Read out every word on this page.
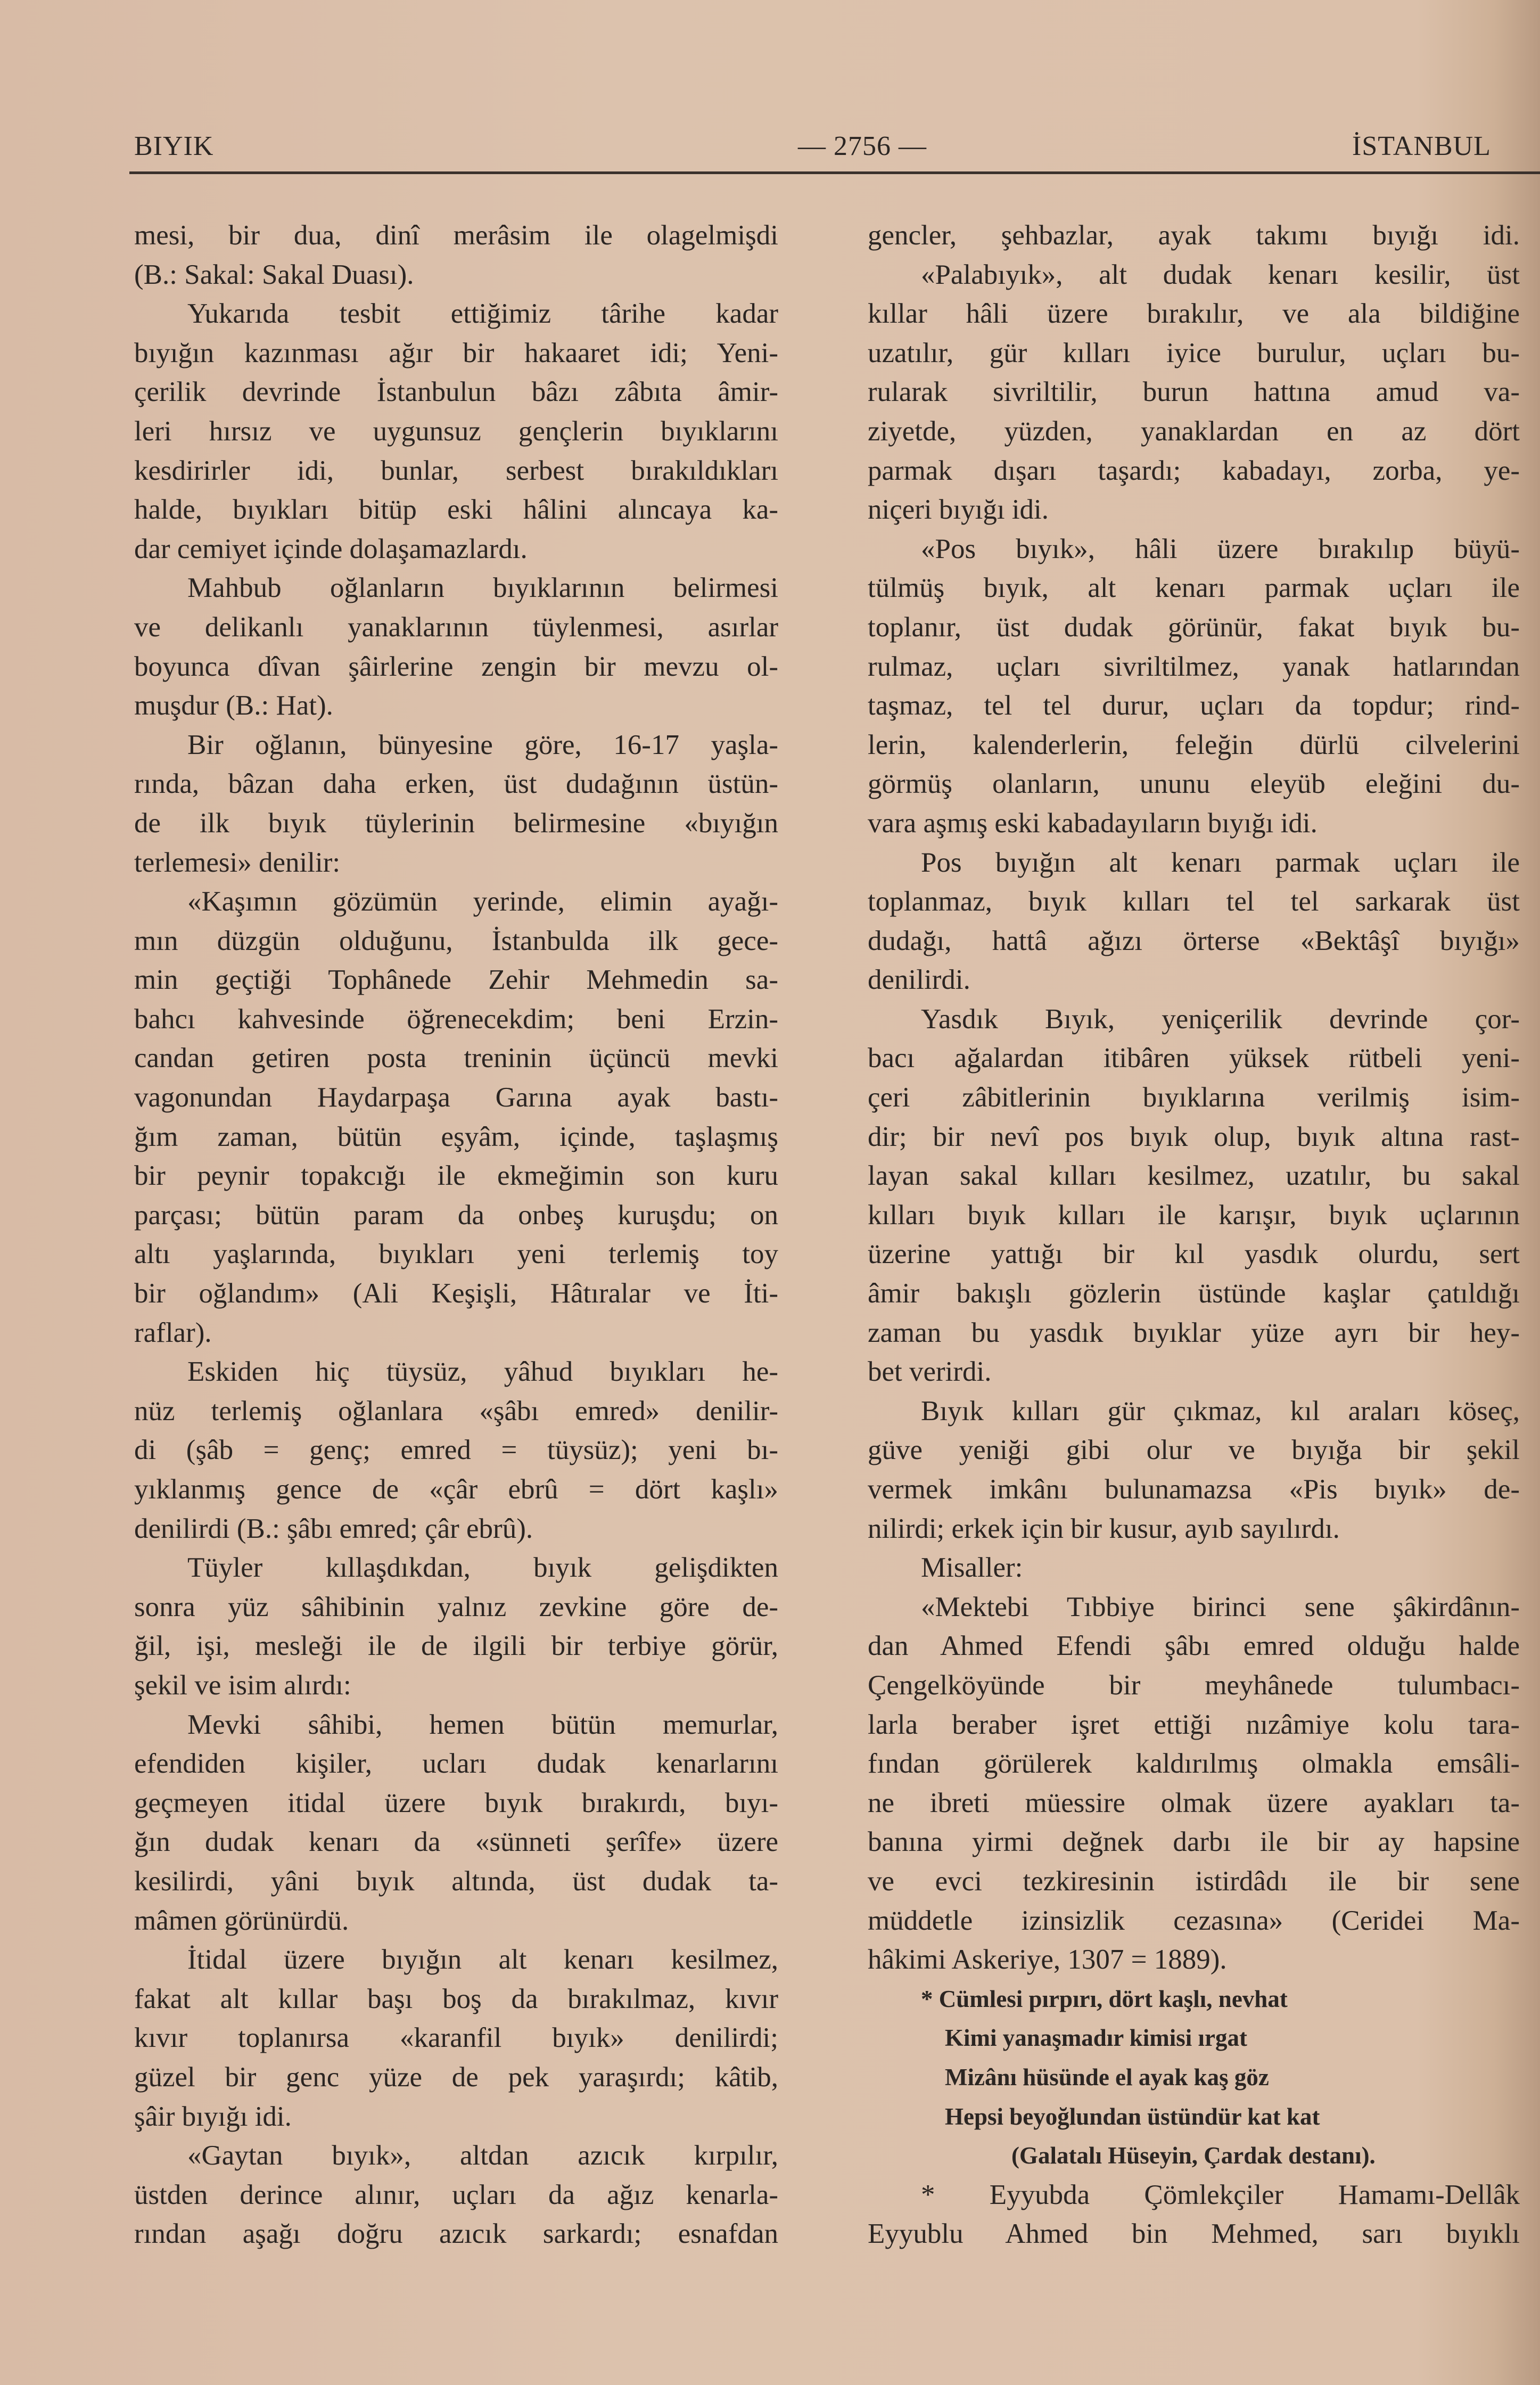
BIYIK	— 2756 —	İSTANBUL
mesi, bir dua, dinî merâsim ile olagelmişdi
(B.: Sakal: Sakal Duası).
Yukarıda tesbit ettiğimiz târihe kadar
bıyığın kazınması ağır bir hakaaret idi; Yeni-
çerilik devrinde İstanbulun bâzı zâbıta âmir-
leri hırsız ve uygunsuz gençlerin bıyıklarını
kesdirirler idi, bunlar, serbest bırakıldıkları
halde, bıyıkları bitüp eski hâlini alıncaya ka-
dar cemiyet içinde dolaşamazlardı.
Mahbub oğlanların bıyıklarının belirmesi
ve delikanlı yanaklarının tüylenmesi, asırlar
boyunca dîvan şâirlerine zengin bir mevzu ol-
muşdur (B.: Hat).
Bir oğlanın, bünyesine göre, 16-17 yaşla-
rında, bâzan daha erken, üst dudağının üstün-
de ilk bıyık tüylerinin belirmesine «bıyığın
terlemesi» denilir:
«Kaşımın gözümün yerinde, elimin ayağı-
mın düzgün olduğunu, İstanbulda ilk gece-
min geçtiği Tophânede Zehir Mehmedin sa-
bahcı kahvesinde öğrenecekdim; beni Erzin-
candan getiren posta treninin üçüncü mevki
vagonundan Haydarpaşa Garına ayak bastı-
ğım zaman, bütün eşyâm, içinde, taşlaşmış
bir peynir topakcığı ile ekmeğimin son kuru
parçası; bütün param da onbeş kuruşdu; on
altı yaşlarında, bıyıkları yeni terlemiş toy
bir oğlandım» (Ali Keşişli, Hâtıralar ve İti-
raflar).
Eskiden hiç tüysüz, yâhud bıyıkları he-
nüz terlemiş oğlanlara «şâbı emred» denilir-
di (şâb = genç; emred = tüysüz); yeni bı-
yıklanmış gence de «çâr ebrû = dört kaşlı»
denilirdi (B.: şâbı emred; çâr ebrû).
Tüyler kıllaşdıkdan, bıyık gelişdikten
sonra yüz sâhibinin yalnız zevkine göre de-
ğil, işi, mesleği ile de ilgili bir terbiye görür,
şekil ve isim alırdı:
Mevki sâhibi, hemen bütün memurlar,
efendiden kişiler, ucları dudak kenarlarını
geçmeyen itidal üzere bıyık bırakırdı, bıyı-
ğın dudak kenarı da «sünneti şerîfe» üzere
kesilirdi, yâni bıyık altında, üst dudak ta-
mâmen görünürdü.
İtidal üzere bıyığın alt kenarı kesilmez,
fakat alt kıllar başı boş da bırakılmaz, kıvır
kıvır toplanırsa «karanfil bıyık» denilirdi;
güzel bir genc yüze de pek yaraşırdı; kâtib,
şâir bıyığı idi.
«Gaytan bıyık», altdan azıcık kırpılır,
üstden derince alınır, uçları da ağız kenarla-
rından aşağı doğru azıcık sarkardı; esnafdan
gencler, şehbazlar, ayak takımı bıyığı idi.
«Palabıyık», alt dudak kenarı kesilir, üst
kıllar hâli üzere bırakılır, ve ala bildiğine
uzatılır, gür kılları iyice burulur, uçları bu-
rularak sivriltilir, burun hattına amud va-
ziyetde, yüzden, yanaklardan en az dört
parmak dışarı taşardı; kabadayı, zorba, ye-
niçeri bıyığı idi.
«Pos bıyık», hâli üzere bırakılıp büyü-
tülmüş bıyık, alt kenarı parmak uçları ile
toplanır, üst dudak görünür, fakat bıyık bu-
rulmaz, uçları sivriltilmez, yanak hatlarından
taşmaz, tel tel durur, uçları da topdur; rind-
lerin, kalenderlerin, feleğin dürlü cilvelerini
görmüş olanların, ununu eleyüb eleğini du-
vara aşmış eski kabadayıların bıyığı idi.
Pos bıyığın alt kenarı parmak uçları ile
toplanmaz, bıyık kılları tel tel sarkarak üst
dudağı, hattâ ağızı örterse «Bektâşî bıyığı»
denilirdi.
Yasdık Bıyık, yeniçerilik devrinde çor-
bacı ağalardan itibâren yüksek rütbeli yeni-
çeri zâbitlerinin bıyıklarına verilmiş isim-
dir; bir nevî pos bıyık olup, bıyık altına rast-
layan sakal kılları kesilmez, uzatılır, bu sakal
kılları bıyık kılları ile karışır, bıyık uçlarının
üzerine yattığı bir kıl yasdık olurdu, sert
âmir bakışlı gözlerin üstünde kaşlar çatıldığı
zaman bu yasdık bıyıklar yüze ayrı bir hey-
bet verirdi.
Bıyık kılları gür çıkmaz, kıl araları köseç,
güve yeniği gibi olur ve bıyığa bir şekil
vermek imkânı bulunamazsa «Pis bıyık» de-
nilirdi; erkek için bir kusur, ayıb sayılırdı.
Misaller:
«Mektebi Tıbbiye birinci sene şâkirdânın-
dan Ahmed Efendi şâbı emred olduğu halde
Çengelköyünde bir meyhânede tulumbacı-
larla beraber işret ettiği nızâmiye kolu tara-
fından görülerek kaldırılmış olmakla emsâli-
ne ibreti müessire olmak üzere ayakları ta-
banına yirmi değnek darbı ile bir ay hapsine
ve evci tezkiresinin istirdâdı ile bir sene
müddetle izinsizlik cezasına» (Ceridei Ma-
hâkimi Askeriye, 1307 = 1889).
* Cümlesi pırpırı, dört kaşlı, nevhat
Kimi yanaşmadır kimisi ırgat
Mizânı hüsünde el ayak kaş göz
Hepsi beyoğlundan üstündür kat kat
(Galatalı Hüseyin, Çardak destanı).
* Eyyubda Çömlekçiler Hamamı-Dellâk
Eyyublu Ahmed bin Mehmed, sarı bıyıklı
